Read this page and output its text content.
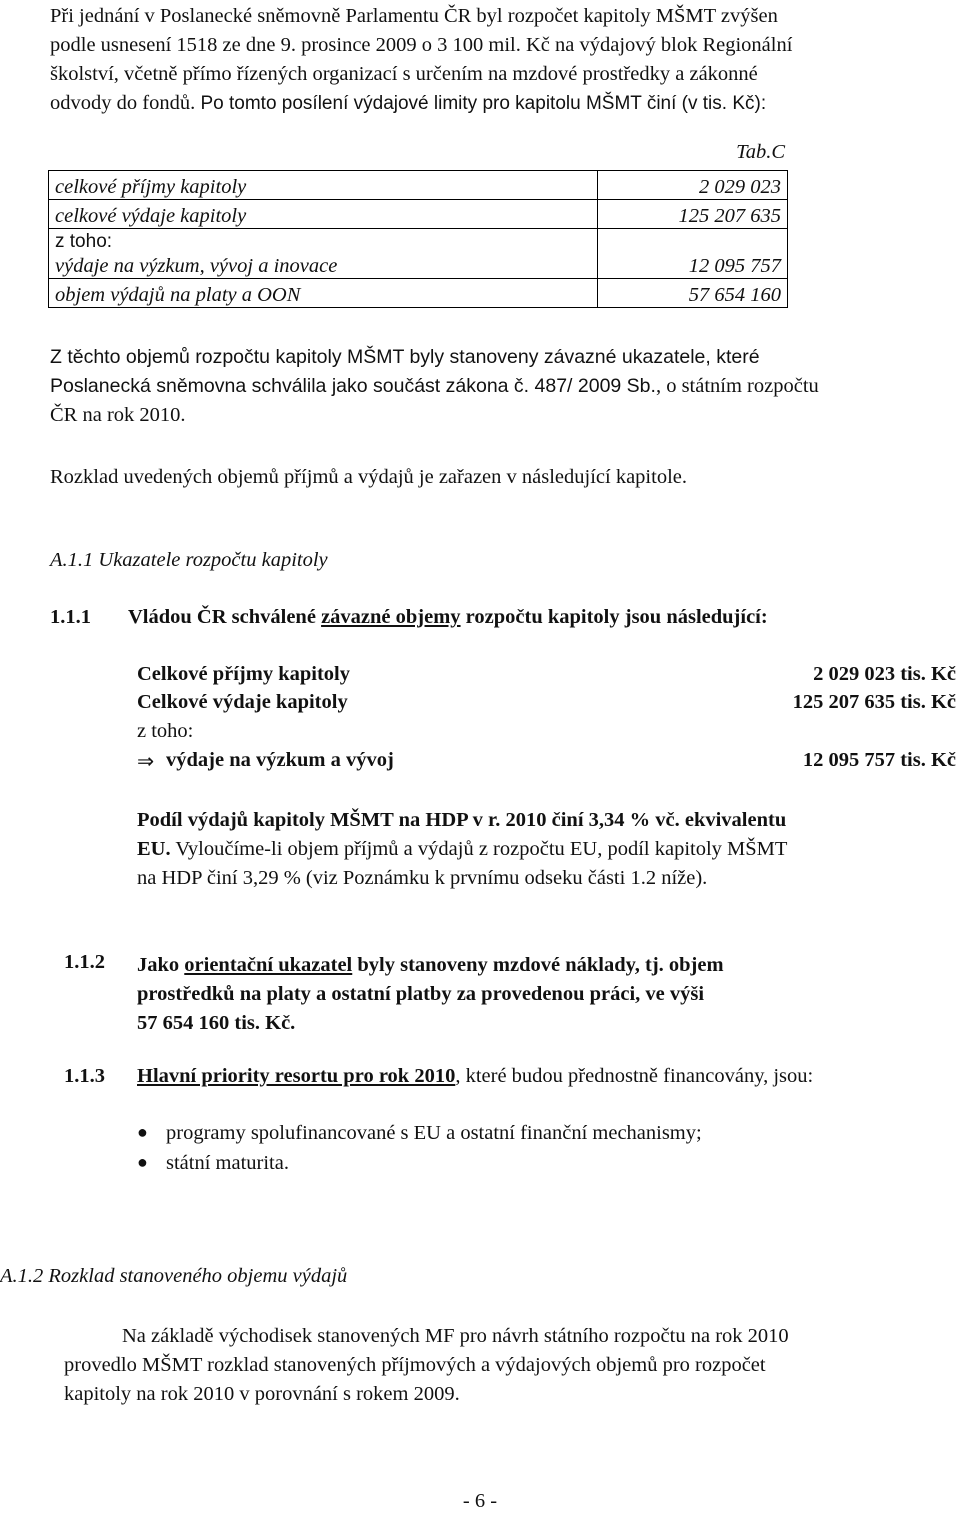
Při jednání v Poslanecké sněmovně Parlamentu ČR byl rozpočet kapitoly MŠMT zvýšen
podle usnesení 1518 ze dne 9. prosince 2009 o 3 100 mil. Kč na výdajový blok Regionální
školství, včetně přímo řízených organizací s určením na mzdové prostředky a zákonné
odvody do fondů. Po tomto posílení výdajové limity pro kapitolu MŠMT činí (v tis. Kč):
Tab.C
celkové příjmy kapitoly	2 029 023
celkové výdaje kapitoly	125 207 635

z toho:
výdaje na výzkum, vývoj a inovace	12 095 757
objem výdajů na platy a OON	57 654 160
Z těchto objemů rozpočtu kapitoly MŠMT byly stanoveny závazné ukazatele, které
Poslanecká sněmovna schválila jako součást zákona č. 487/ 2009 Sb., o státním rozpočtu
ČR na rok 2010.
Rozklad uvedených objemů příjmů a výdajů je zařazen v následující kapitole.
A.1.1 Ukazatele rozpočtu kapitoly
1.1.1 Vládou ČR schválené závazné objemy rozpočtu kapitoly jsou následující:
Celkové příjmy kapitoly	2 029 023 tis. Kč
Celkové výdaje kapitoly	125 207 635 tis. Kč
z toho:
⇒ výdaje na výzkum a vývoj	12 095 757 tis. Kč
Podíl výdajů kapitoly MŠMT na HDP v r. 2010 činí 3,34 % vč. ekvivalentu
EU. Vyloučíme-li objem příjmů a výdajů z rozpočtu EU, podíl kapitoly MŠMT
na HDP činí 3,29 % (viz Poznámku k prvnímu odseku části 1.2 níže).
1.1.2 Jako orientační ukazatel byly stanoveny mzdové náklady, tj. objem
prostředků na platy a ostatní platby za provedenou práci, ve výši
57 654 160 tis. Kč.
1.1.3 Hlavní priority resortu pro rok 2010, které budou přednostně financovány, jsou:
● programy spolufinancované s EU a ostatní finanční mechanismy;
● státní maturita.
A.1.2 Rozklad stanoveného objemu výdajů
Na základě východisek stanovených MF pro návrh státního rozpočtu na rok 2010
provedlo MŠMT rozklad stanovených příjmových a výdajových objemů pro rozpočet
kapitoly na rok 2010 v porovnání s rokem 2009.
- 6 -
